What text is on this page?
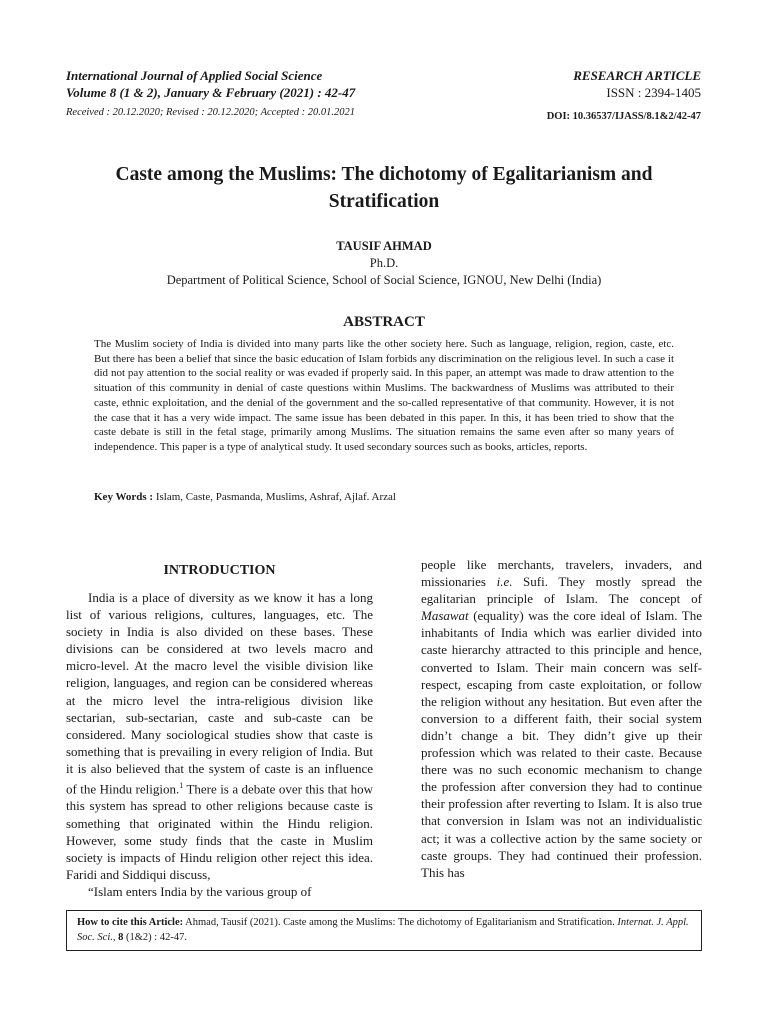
International Journal of Applied Social Science
Volume 8 (1 & 2), January & February (2021) : 42-47
Received : 20.12.2020; Revised : 20.12.2020; Accepted : 20.01.2021
RESEARCH ARTICLE
ISSN : 2394-1405
DOI: 10.36537/IJASS/8.1&2/42-47
Caste among the Muslims: The dichotomy of Egalitarianism and Stratification
TAUSIF AHMAD
Ph.D.
Department of Political Science, School of Social Science, IGNOU, New Delhi (India)
ABSTRACT
The Muslim society of India is divided into many parts like the other society here. Such as language, religion, region, caste, etc. But there has been a belief that since the basic education of Islam forbids any discrimination on the religious level. In such a case it did not pay attention to the social reality or was evaded if properly said. In this paper, an attempt was made to draw attention to the situation of this community in denial of caste questions within Muslims. The backwardness of Muslims was attributed to their caste, ethnic exploitation, and the denial of the government and the so-called representative of that community. However, it is not the case that it has a very wide impact. The same issue has been debated in this paper. In this, it has been tried to show that the caste debate is still in the fetal stage, primarily among Muslims. The situation remains the same even after so many years of independence. This paper is a type of analytical study. It used secondary sources such as books, articles, reports.
Key Words : Islam, Caste, Pasmanda, Muslims, Ashraf, Ajlaf. Arzal
INTRODUCTION

India is a place of diversity as we know it has a long list of various religions, cultures, languages, etc. The society in India is also divided on these bases. These divisions can be considered at two levels macro and micro-level. At the macro level the visible division like religion, languages, and region can be considered whereas at the micro level the intra-religious division like sectarian, sub-sectarian, caste and sub-caste can be considered. Many sociological studies show that caste is something that is prevailing in every religion of India. But it is also believed that the system of caste is an influence of the Hindu religion.$^1$ There is a debate over this that how this system has spread to other religions because caste is something that originated within the Hindu religion. However, some study finds that the caste in Muslim society is impacts of Hindu religion other reject this idea. Faridi and Siddiqui discuss,

“Islam enters India by the various group of

people like merchants, travelers, invaders, and missionaries i.e. Sufi. They mostly spread the egalitarian principle of Islam. The concept of Masawat (equality) was the core ideal of Islam. The inhabitants of India which was earlier divided into caste hierarchy attracted to this principle and hence, converted to Islam. Their main concern was self-respect, escaping from caste exploitation, or follow the religion without any hesitation. But even after the conversion to a different faith, their social system didn’t change a bit. They didn’t give up their profession which was related to their caste. Because there was no such economic mechanism to change the profession after conversion they had to continue their profession after reverting to Islam. It is also true that conversion in Islam was not an individualistic act; it was a collective action by the same society or caste groups. They had continued their profession. This has

How to cite this Article: Ahmad, Tausif (2021). Caste among the Muslims: The dichotomy of Egalitarianism and Stratification. Internat. J. Appl. Soc. Sci., 8 (1&2) : 42-47.
